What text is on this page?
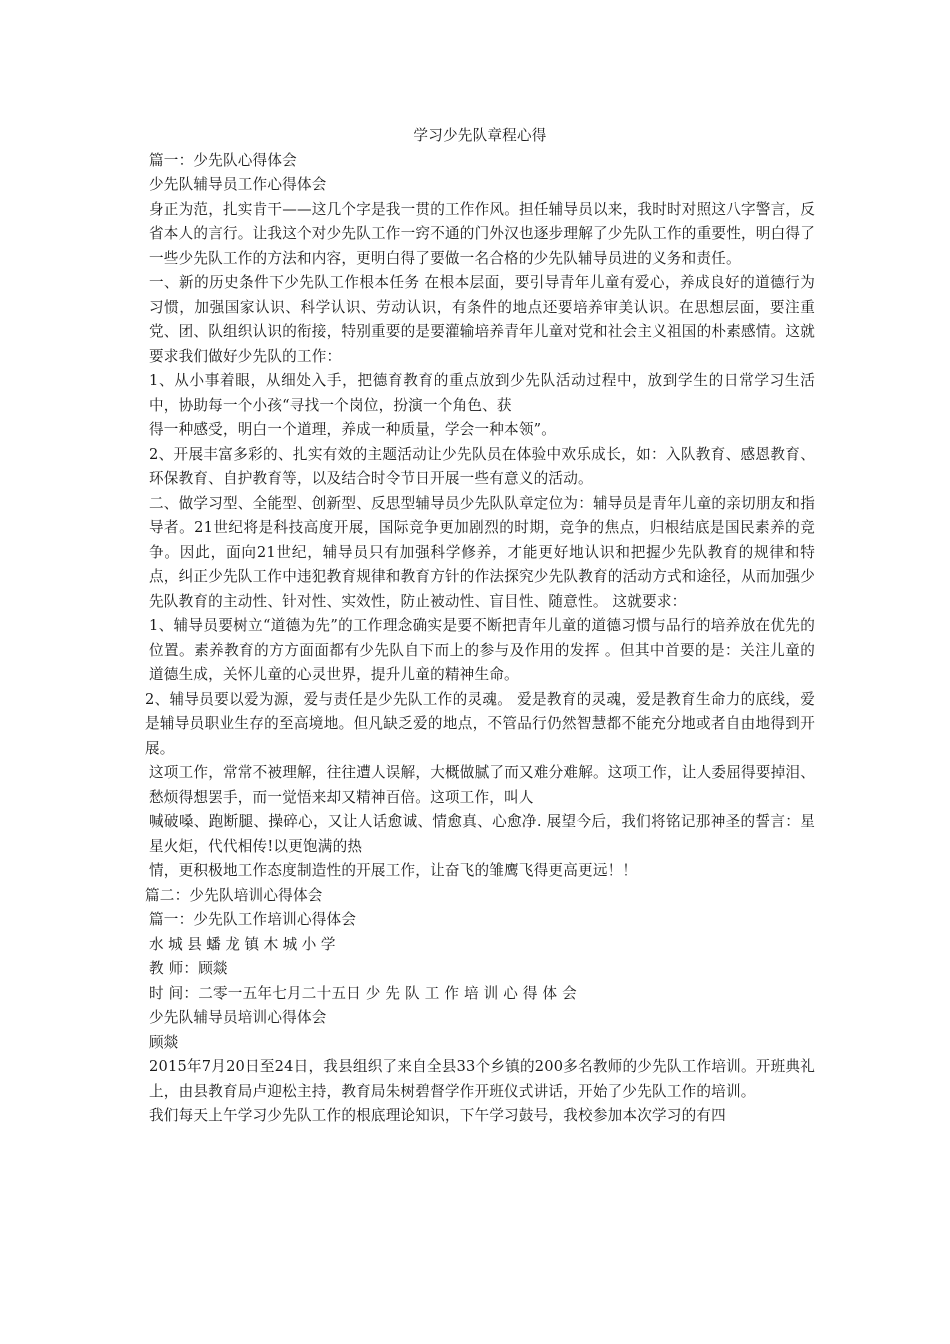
学习少先队章程心得

篇一：少先队心得体会

少先队辅导员工作心得体会

身正为范，扎实肯干——这几个字是我一贯的工作作风。担任辅导员以来，我时时对照这八字警言，反省本人的言行。让我这个对少先队工作一窍不通的门外汉也逐步理解了少先队工作的重要性，明白得了一些少先队工作的方法和内容，更明白得了要做一名合格的少先队辅导员进的义务和责任。

一、新的历史条件下少先队工作根本任务 在根本层面，要引导青年儿童有爱心，养成良好的道德行为习惯，加强国家认识、科学认识、劳动认识，有条件的地点还要培养审美认识。在思想层面，要注重党、团、队组织认识的衔接，特别重要的是要灌输培养青年儿童对党和社会主义祖国的朴素感情。这就要求我们做好少先队的工作：

1、从小事着眼，从细处入手，把德育教育的重点放到少先队活动过程中，放到学生的日常学习生活中，协助每一个小孩“寻找一个岗位，扮演一个角色、获

得一种感受，明白一个道理，养成一种质量，学会一种本领”。

2、开展丰富多彩的、扎实有效的主题活动让少先队员在体验中欢乐成长，如：入队教育、感恩教育、环保教育、自护教育等，以及结合时令节日开展一些有意义的活动。

二、做学习型、全能型、创新型、反思型辅导员少先队队章定位为：辅导员是青年儿童的亲切朋友和指导者。21世纪将是科技高度开展，国际竞争更加剧烈的时期，竞争的焦点，归根结底是国民素养的竞争。因此，面向21世纪，辅导员只有加强科学修养，才能更好地认识和把握少先队教育的规律和特点，纠正少先队工作中违犯教育规律和教育方针的作法探究少先队教育的活动方式和途径，从而加强少先队教育的主动性、针对性、实效性，防止被动性、盲目性、随意性。 这就要求：

1、辅导员要树立“道德为先”的工作理念确实是要不断把青年儿童的道德习惯与品行的培养放在优先的位置。素养教育的方方面面都有少先队自下而上的参与及作用的发挥 。但其中首要的是：关注儿童的道德生成，关怀儿童的心灵世界，提升儿童的精神生命。

2、辅导员要以爱为源，爱与责任是少先队工作的灵魂。 爱是教育的灵魂，爱是教育生命力的底线，爱是辅导员职业生存的至高境地。但凡缺乏爱的地点，不管品行仍然智慧都不能充分地或者自由地得到开展。

这项工作，常常不被理解，往往遭人误解，大概做腻了而又难分难解。这项工作，让人委屈得要掉泪、愁烦得想罢手，而一觉悟来却又精神百倍。这项工作，叫人

喊破嗓、跑断腿、操碎心，又让人话愈诚、情愈真、心愈净. 展望今后，我们将铭记那神圣的誓言：星星火炬，代代相传!以更饱满的热

情，更积极地工作态度制造性的开展工作，让奋飞的雏鹰飞得更高更远！！

篇二：少先队培训心得体会

篇一：少先队工作培训心得体会

水城县蟠龙镇木城小学

教 师：顾燚

时 间：二零一五年七月二十五日 少 先 队 工 作 培 训 心 得 体 会

少先队辅导员培训心得体会

顾燚

2015年7月20日至24日，我县组织了来自全县33个乡镇的200多名教师的少先队工作培训。开班典礼上，由县教育局卢迎松主持，教育局朱树碧督学作开班仪式讲话，开始了少先队工作的培训。

我们每天上午学习少先队工作的根底理论知识，下午学习鼓号，我校参加本次学习的有四
